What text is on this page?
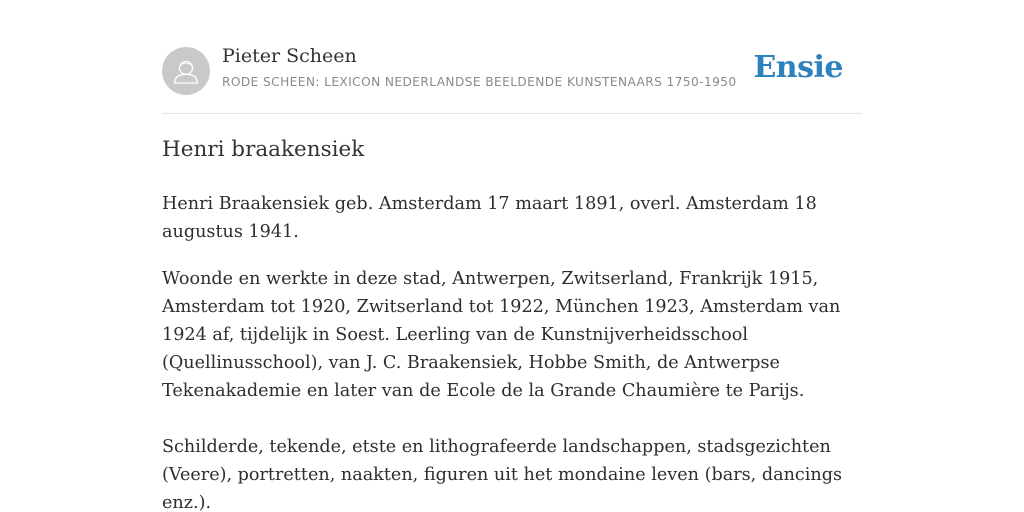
Pieter Scheen
RODE SCHEEN: LEXICON NEDERLANDSE BEELDENDE KUNSTENAARS 1750-1950 Ensie
Henri braakensiek

Henri Braakensiek geb. Amsterdam 17 maart 1891, overl. Amsterdam 18 augustus 1941.

Woonde en werkte in deze stad, Antwerpen, Zwitserland, Frankrijk 1915, Amsterdam tot 1920, Zwitserland tot 1922, München 1923, Amsterdam van 1924 af, tijdelijk in Soest. Leerling van de Kunstnijverheidsschool (Quellinusschool), van J. C. Braakensiek, Hobbe Smith, de Antwerpse Tekenakademie en later van de Ecole de la Grande Chaumière te Parijs.

Schilderde, tekende, etste en lithografeerde landschappen, stadsgezichten (Veere), portretten, naakten, figuren uit het mondaine leven (bars, dancings enz.).
